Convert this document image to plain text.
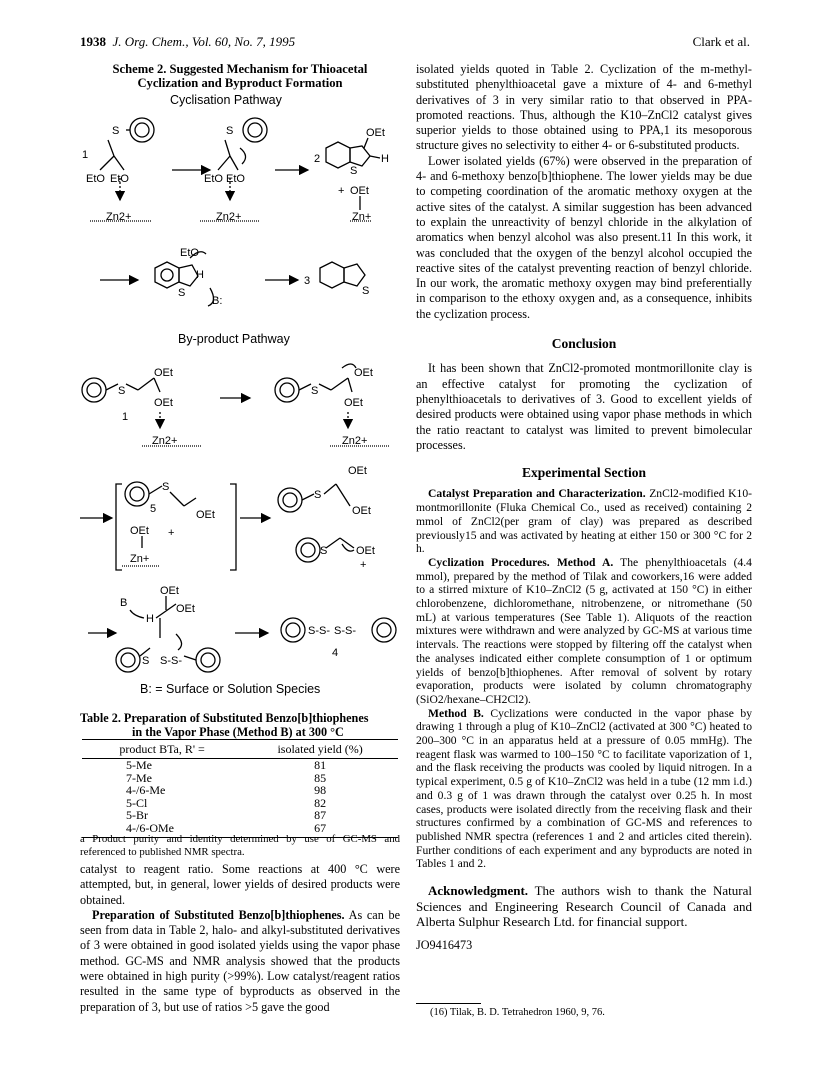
1938 J. Org. Chem., Vol. 60, No. 7, 1995	Clark et al.
Scheme 2. Suggested Mechanism for Thioacetal
Cyclization and Byproduct Formation
Cyclisation Pathway
By-product Pathway
B: = Surface or Solution Species
S
1
EtO EtO
Zn2+
S
EtO EtO
Zn2+
2
OEt
H
S
+ OEt
Zn+
EtO
S
H
B:
3
S
S
OEt
OEt
1
Zn2+
S
OEt
OEt
Zn2+
S
5	OEt
OEt +
Zn+
OEt
S
OEt
S	OEt
+
B
H
OEt
OEt
S S-S-
S-S- S-S-
4
Table 2. Preparation of Substituted Benzo[b]thiophenes
in the Vapor Phase (Method B) at 300 °C
product BTa, R' =	isolated yield (%)
5-Me	81
7-Me	85
4-/6-Me	98
5-Cl	82
5-Br	87
4-/6-OMe	67
a Product purity and identity determined by use of GC-MS and referenced to published NMR spectra.

catalyst to reagent ratio. Some reactions at 400 °C were attempted, but, in general, lower yields of desired products were obtained.

Preparation of Substituted Benzo[b]thiophenes. As can be seen from data in Table 2, halo- and alkyl-substituted derivatives of 3 were obtained in good isolated yields using the vapor phase method. GC-MS and NMR analysis showed that the products were obtained in high purity (>99%). Low catalyst/reagent ratios resulted in the same type of byproducts as observed in the preparation of 3, but use of ratios >5 gave the good

isolated yields quoted in Table 2. Cyclization of the m-methyl-substituted phenylthioacetal gave a mixture of 4- and 6-methyl derivatives of 3 in very similar ratio to that observed in PPA-promoted reactions. Thus, although the K10–ZnCl2 catalyst gives superior yields to those obtained using to PPA,1 its mesoporous structure gives no selectivity to either 4- or 6-substituted products.

Lower isolated yields (67%) were observed in the preparation of 4- and 6-methoxy benzo[b]thiophene. The lower yields may be due to competing coordination of the aromatic methoxy oxygen at the active sites of the catalyst. A similar suggestion has been advanced to explain the unreactivity of benzyl chloride in the alkylation of aromatics when benzyl alcohol was also present.11 In this work, it was concluded that the oxygen of the benzyl alcohol occupied the reactive sites of the catalyst preventing reaction of benzyl chloride. In our work, the aromatic methoxy oxygen may bind preferentially in comparison to the ethoxy oxygen and, as a consequence, inhibits the cyclization process.

Conclusion

It has been shown that ZnCl2-promoted montmorillonite clay is an effective catalyst for promoting the cyclization of phenylthioacetals to derivatives of 3. Good to excellent yields of desired products were obtained using vapor phase methods in which the ratio reactant to catalyst was limited to prevent bimolecular processes.

Experimental Section

Catalyst Preparation and Characterization. ZnCl2-modified K10-montmorillonite (Fluka Chemical Co., used as received) containing 2 mmol of ZnCl2(per gram of clay) was prepared as described previously15 and was activated by heating at either 150 or 300 °C for 2 h.

Cyclization Procedures. Method A. The phenylthioacetals (4.4 mmol), prepared by the method of Tilak and coworkers,16 were added to a stirred mixture of K10–ZnCl2 (5 g, activated at 150 °C) in either chlorobenzene, dichloromethane, nitrobenzene, or nitromethane (50 mL) at various temperatures (See Table 1). Aliquots of the reaction mixtures were withdrawn and were analyzed by GC-MS at various time intervals. The reactions were stopped by filtering off the catalyst when the analyses indicated either complete consumption of 1 or optimum yields of benzo[b]thiophenes. After removal of solvent by rotary evaporation, products were isolated by column chromatography (SiO2/hexane–CH2Cl2).

Method B. Cyclizations were conducted in the vapor phase by drawing 1 through a plug of K10–ZnCl2 (activated at 300 °C) heated to 200–300 °C in an apparatus held at a pressure of 0.05 mmHg). The reagent flask was warmed to 100–150 °C to facilitate vaporization of 1, and the flask receiving the products was cooled by liquid nitrogen. In a typical experiment, 0.5 g of K10–ZnCl2 was held in a tube (12 mm i.d.) and 0.3 g of 1 was drawn through the catalyst over 0.25 h. In most cases, products were isolated directly from the receiving flask and their structures confirmed by a combination of GC-MS and references to published NMR spectra (references 1 and 2 and articles cited therein). Further conditions of each experiment and any byproducts are noted in Tables 1 and 2.

Acknowledgment. The authors wish to thank the Natural Sciences and Engineering Research Council of Canada and Alberta Sulphur Research Ltd. for financial support.

JO9416473

(16) Tilak, B. D. Tetrahedron 1960, 9, 76.
